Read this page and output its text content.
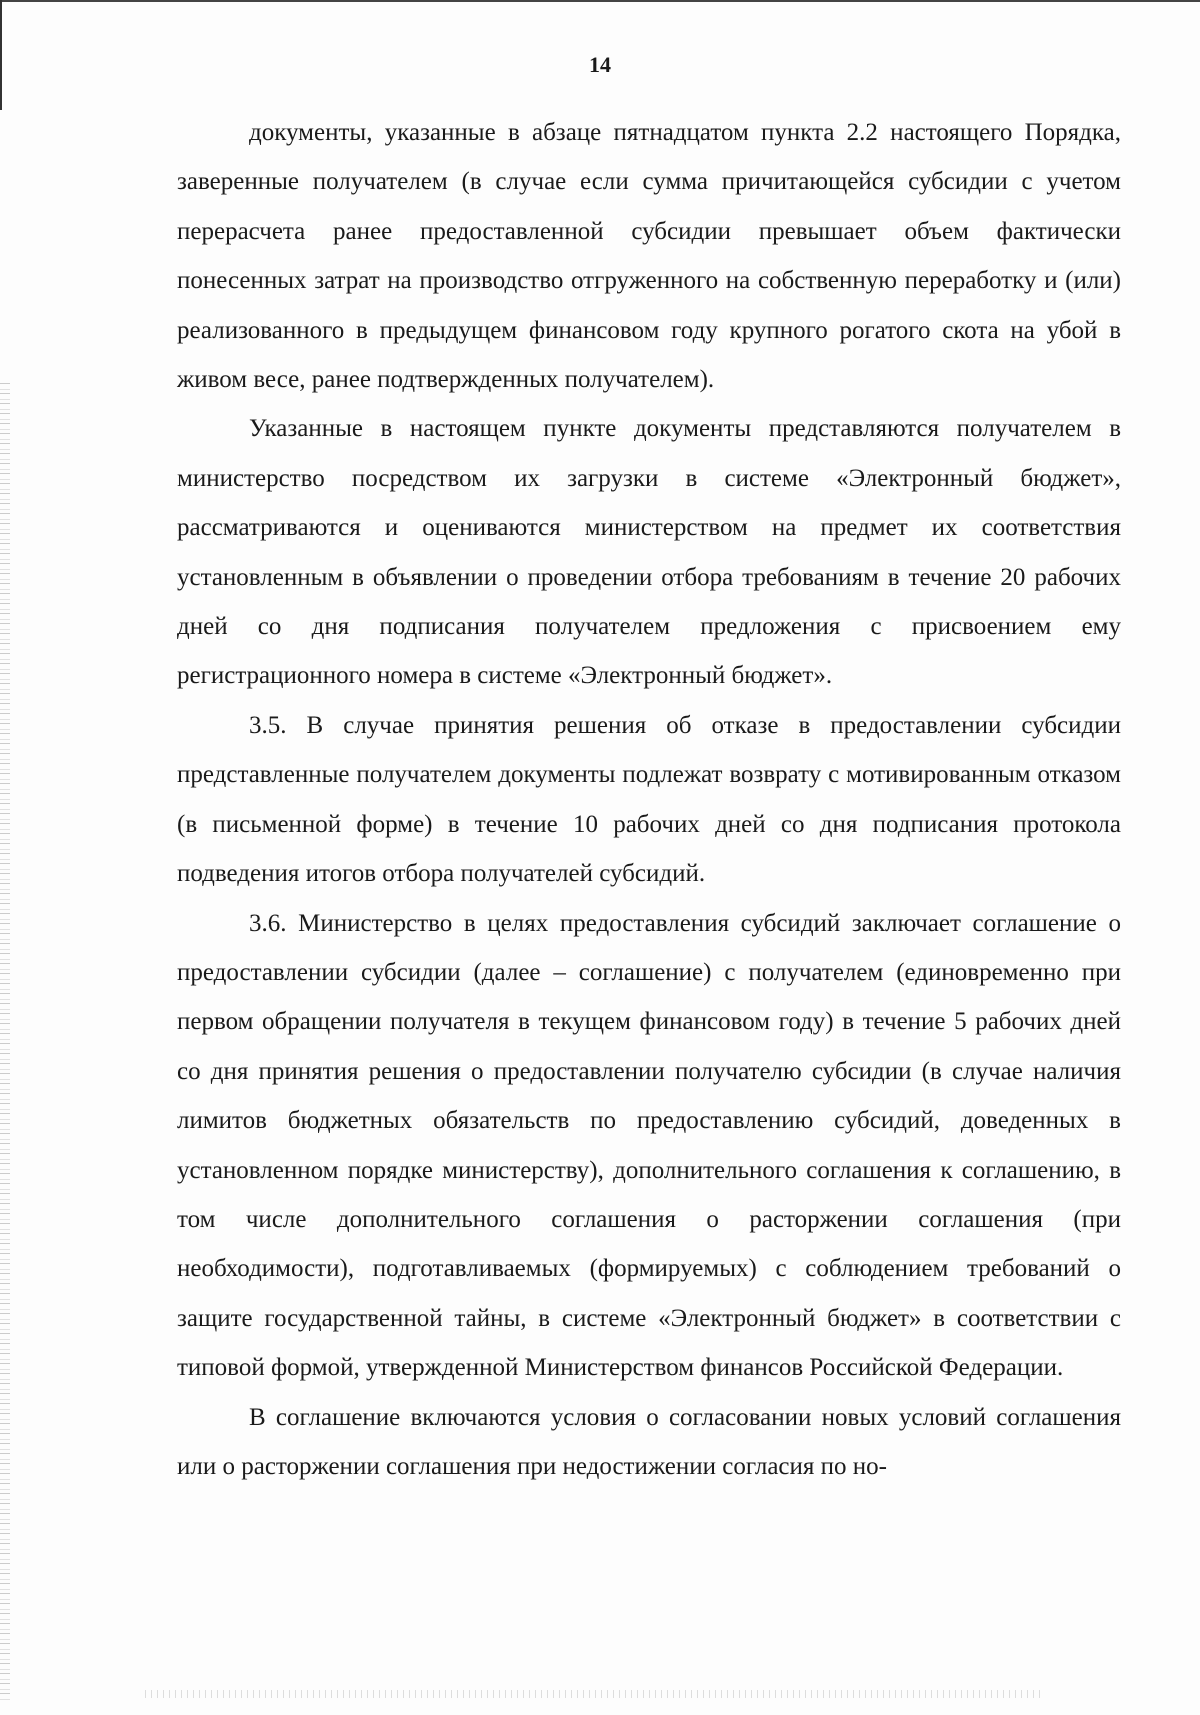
14

документы, указанные в абзаце пятнадцатом пункта 2.2 настоящего Порядка, заверенные получателем (в случае если сумма причитающейся субсидии с учетом перерасчета ранее предоставленной субсидии превышает объем фактически понесенных затрат на производство отгруженного на собственную переработку и (или) реализованного в предыдущем финансовом году крупного рогатого скота на убой в живом весе, ранее подтвержденных получателем).

Указанные в настоящем пункте документы представляются получателем в министерство посредством их загрузки в системе «Электронный бюджет», рассматриваются и оцениваются министерством на предмет их соответствия установленным в объявлении о проведении отбора требованиям в течение 20 рабочих дней со дня подписания получателем предложения с присвоением ему регистрационного номера в системе «Электронный бюджет».

3.5. В случае принятия решения об отказе в предоставлении субсидии представленные получателем документы подлежат возврату с мотивированным отказом (в письменной форме) в течение 10 рабочих дней со дня подписания протокола подведения итогов отбора получателей субсидий.

3.6. Министерство в целях предоставления субсидий заключает соглашение о предоставлении субсидии (далее – соглашение) с получателем (единовременно при первом обращении получателя в текущем финансовом году) в течение 5 рабочих дней со дня принятия решения о предоставлении получателю субсидии (в случае наличия лимитов бюджетных обязательств по предоставлению субсидий, доведенных в установленном порядке министерству), дополнительного соглашения к соглашению, в том числе дополнительного соглашения о расторжении соглашения (при необходимости), подготавливаемых (формируемых) с соблюдением требований о защите государственной тайны, в системе «Электронный бюджет» в соответствии с типовой формой, утвержденной Министерством финансов Российской Федерации.

В соглашение включаются условия о согласовании новых условий соглашения или о расторжении соглашения при недостижении согласия по но-
